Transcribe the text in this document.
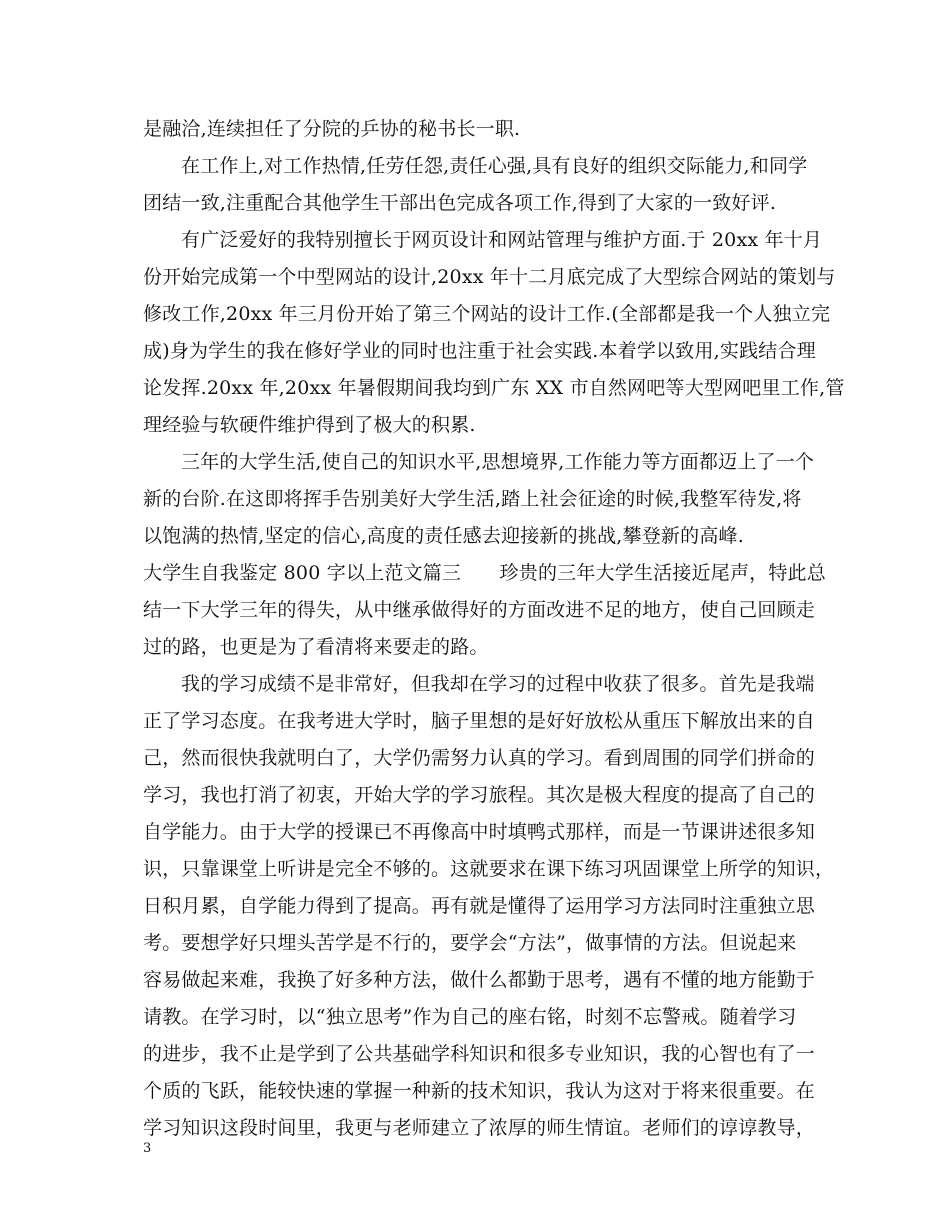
是融洽,连续担任了分院的乒协的秘书长一职.
在工作上,对工作热情,任劳任怨,责任心强,具有良好的组织交际能力,和同学
团结一致,注重配合其他学生干部出色完成各项工作,得到了大家的一致好评.
有广泛爱好的我特别擅长于网页设计和网站管理与维护方面.于 20xx 年十月
份开始完成第一个中型网站的设计,20xx 年十二月底完成了大型综合网站的策划与
修改工作,20xx 年三月份开始了第三个网站的设计工作.(全部都是我一个人独立完
成)身为学生的我在修好学业的同时也注重于社会实践.本着学以致用,实践结合理
论发挥.20xx 年,20xx 年暑假期间我均到广东 XX 市自然网吧等大型网吧里工作,管
理经验与软硬件维护得到了极大的积累.
三年的大学生活,使自己的知识水平,思想境界,工作能力等方面都迈上了一个
新的台阶.在这即将挥手告别美好大学生活,踏上社会征途的时候,我整军待发,将
以饱满的热情,坚定的信心,高度的责任感去迎接新的挑战,攀登新的高峰.
大学生自我鉴定 800 字以上范文篇三　　珍贵的三年大学生活接近尾声，特此总
结一下大学三年的得失，从中继承做得好的方面改进不足的地方，使自己回顾走
过的路，也更是为了看清将来要走的路。
我的学习成绩不是非常好，但我却在学习的过程中收获了很多。首先是我端
正了学习态度。在我考进大学时，脑子里想的是好好放松从重压下解放出来的自
己，然而很快我就明白了，大学仍需努力认真的学习。看到周围的同学们拼命的
学习，我也打消了初衷，开始大学的学习旅程。其次是极大程度的提高了自己的
自学能力。由于大学的授课已不再像高中时填鸭式那样，而是一节课讲述很多知
识，只靠课堂上听讲是完全不够的。这就要求在课下练习巩固课堂上所学的知识，
日积月累，自学能力得到了提高。再有就是懂得了运用学习方法同时注重独立思
考。要想学好只埋头苦学是不行的，要学会“方法”，做事情的方法。但说起来
容易做起来难，我换了好多种方法，做什么都勤于思考，遇有不懂的地方能勤于
请教。在学习时，以“独立思考”作为自己的座右铭，时刻不忘警戒。随着学习
的进步，我不止是学到了公共基础学科知识和很多专业知识，我的心智也有了一
个质的飞跃，能较快速的掌握一种新的技术知识，我认为这对于将来很重要。在
学习知识这段时间里，我更与老师建立了浓厚的师生情谊。老师们的谆谆教导，
3
